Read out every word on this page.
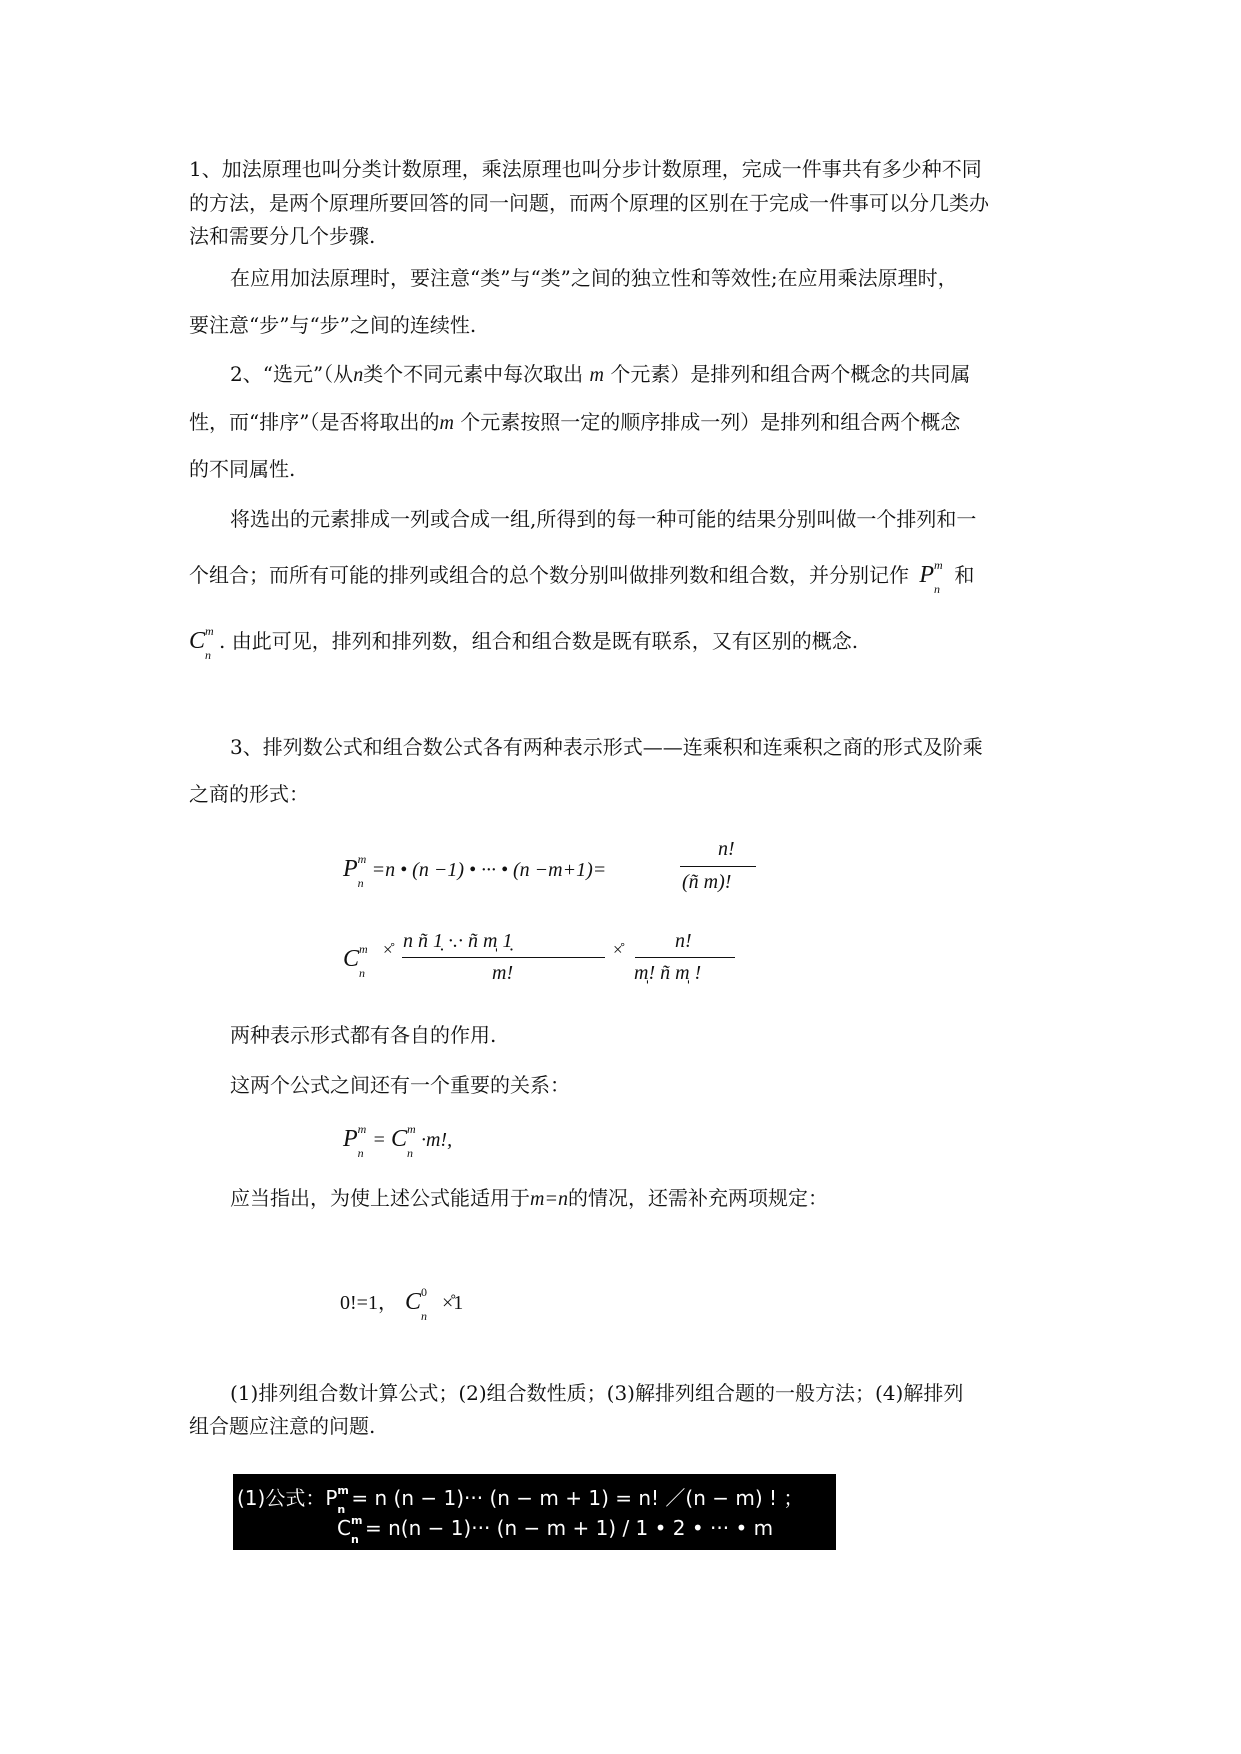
1、加法原理也叫分类计数原理，乘法原理也叫分步计数原理，完成一件事共有多少种不同
的方法，是两个原理所要回答的同一问题，而两个原理的区别在于完成一件事可以分几类办
法和需要分几个步骤.
在应用加法原理时，要注意“类”与“类”之间的独立性和等效性;在应用乘法原理时，
要注意“步”与“步”之间的连续性.
2、“选元”（从n类个不同元素中每次取出 m 个元素）是排列和组合两个概念的共同属
性，而“排序”（是否将取出的m 个元素按照一定的顺序排成一列）是排列和组合两个概念
的不同属性.
将选出的元素排成一列或合成一组,所得到的每一种可能的结果分别叫做一个排列和一
个组合；而所有可能的排列或组合的总个数分别叫做排列数和组合数，并分别记作 P m
n
和
C m
n
. 由此可见，排列和排列数，组合和组合数是既有联系，又有区别的概念.
3、排列数公式和组合数公式各有两种表示形式——连乘积和连乘积之商的形式及阶乘
之商的形式：
P m
n
=n • (n −1) • ··· • (n −m+1)=
n!
(ñ m)!
C m
n
×̊ n ñ 1̣ ·.· ñ m̩ 1̣
m!
×̊	n!
m̩! ñ m̩ !
两种表示形式都有各自的作用.
这两个公式之间还有一个重要的关系：
P m
n
= C m
n
·m!,
应当指出，为使上述公式能适用于m=n的情况，还需补充两项规定：
0!=1， C 0
n
×̊1
(1)排列组合数计算公式；(2)组合数性质；(3)解排列组合题的一般方法；(4)解排列
组合题应注意的问题.
(1)公式：P m
n = n (n − 1)··· (n − m + 1) = n! ／(n − m) ! ；
C m
n = n(n − 1)··· (n − m + 1) / 1 • 2 • ··· • m
